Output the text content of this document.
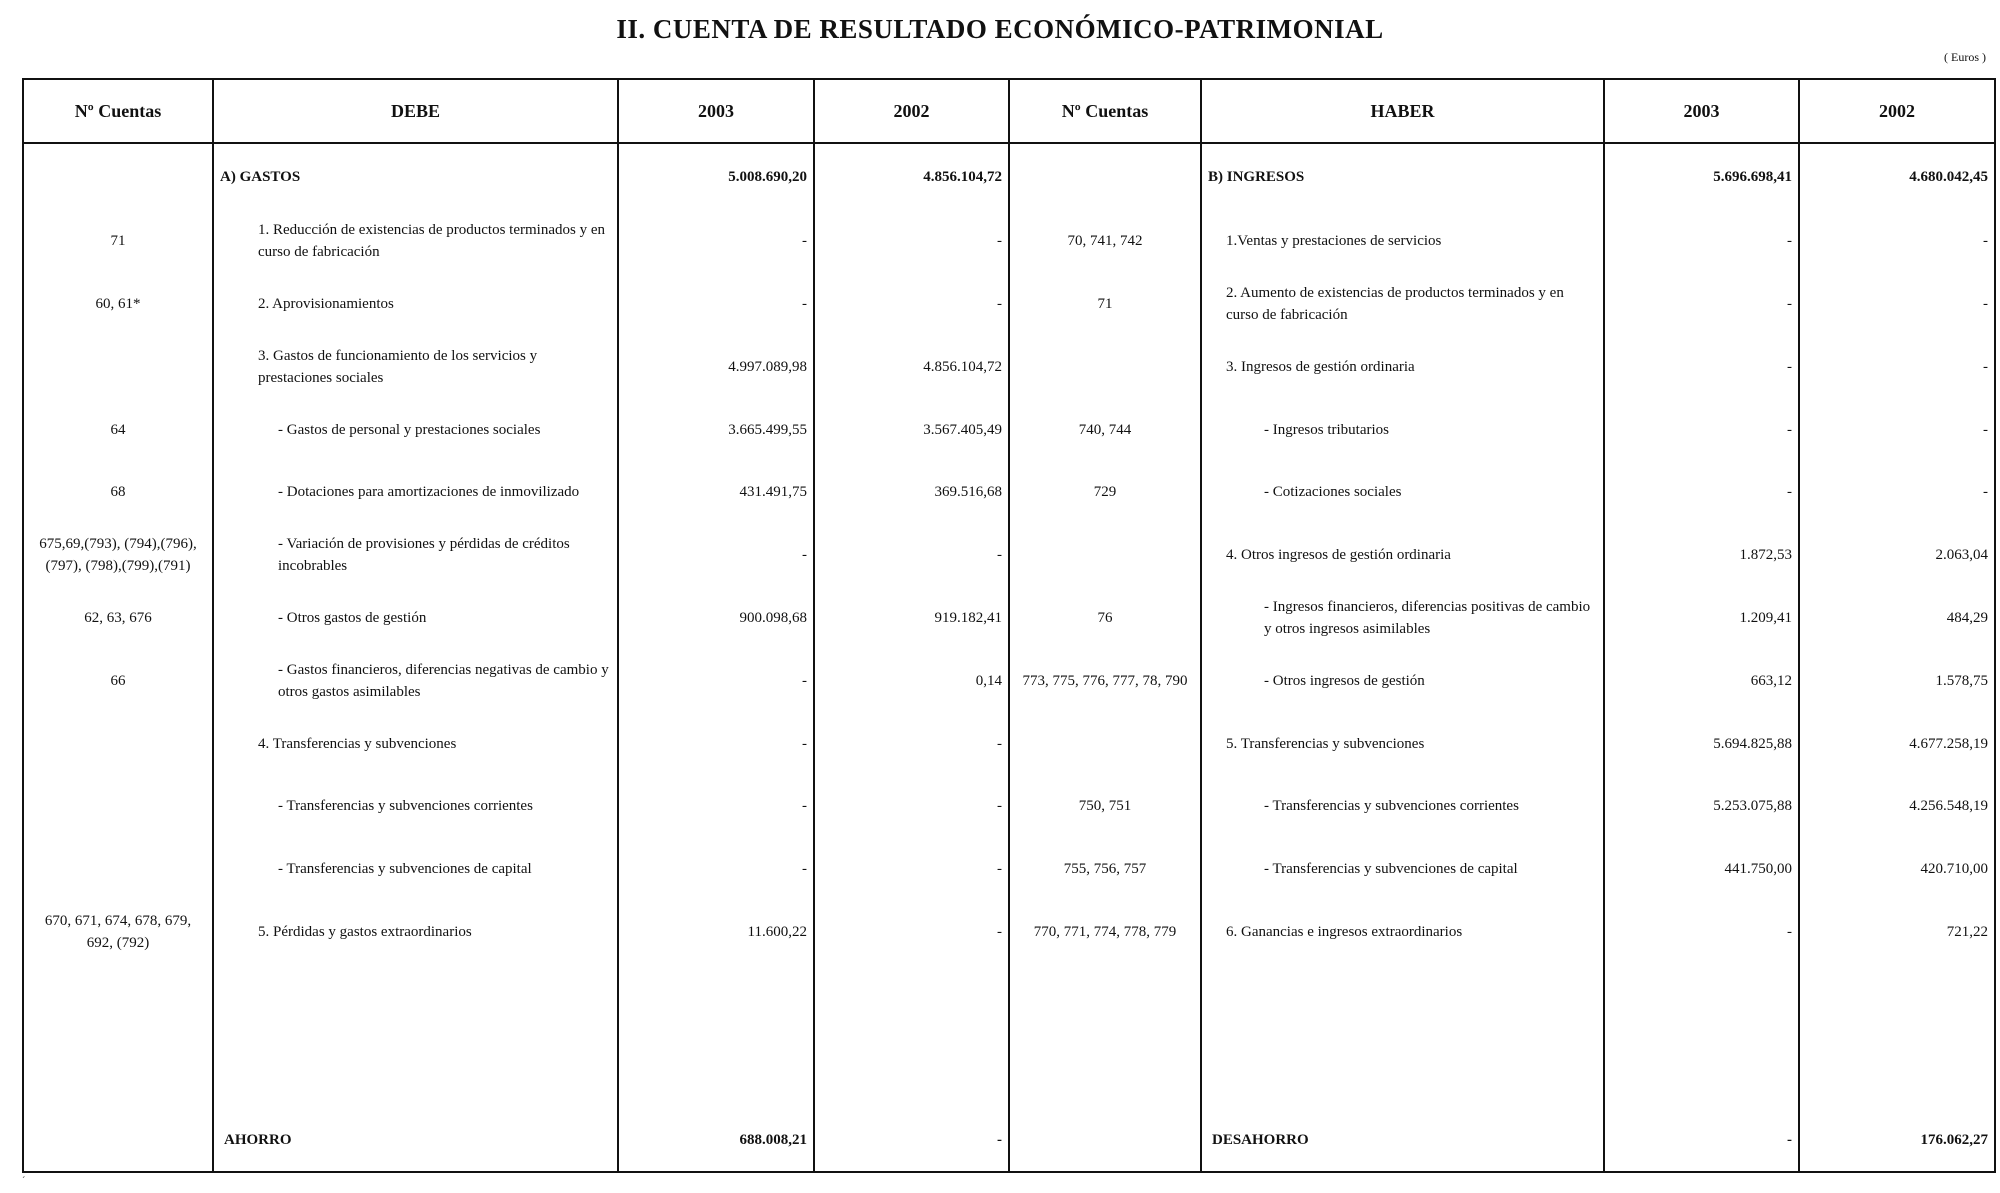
II. CUENTA DE RESULTADO ECONÓMICO-PATRIMONIAL
( Euros )
Nº Cuentas	DEBE	2003	2002	Nº Cuentas	HABER	2003	2002
	A) GASTOS	5.008.690,20	4.856.104,72		B) INGRESOS	5.696.698,41	4.680.042,45
71	1. Reducción de existencias de productos terminados y en curso de fabricación	-	-	70, 741, 742	1.Ventas y prestaciones de servicios	-	-
60, 61*	2. Aprovisionamientos	-	-	71	2. Aumento de existencias de productos terminados y en curso de fabricación	-	-
	3. Gastos de funcionamiento de los servicios y prestaciones sociales	4.997.089,98	4.856.104,72		3. Ingresos de gestión ordinaria	-	-
64	- Gastos de personal y prestaciones sociales	3.665.499,55	3.567.405,49	740, 744	- Ingresos tributarios	-	-
68	- Dotaciones para amortizaciones de inmovilizado	431.491,75	369.516,68	729	- Cotizaciones sociales	-	-
675,69,(793), (794),(796),(797), (798),(799),(791)	- Variación de provisiones y pérdidas de créditos incobrables	-	-		4. Otros ingresos de gestión ordinaria	1.872,53	2.063,04
62, 63, 676	- Otros gastos de gestión	900.098,68	919.182,41	76	- Ingresos financieros, diferencias positivas de cambio y otros ingresos asimilables	1.209,41	484,29
66	- Gastos financieros, diferencias negativas de cambio y otros gastos asimilables	-	0,14	773, 775, 776, 777, 78, 790	- Otros ingresos de gestión	663,12	1.578,75
	4. Transferencias y subvenciones	-	-		5. Transferencias y subvenciones	5.694.825,88	4.677.258,19
	- Transferencias y subvenciones corrientes	-	-	750, 751	- Transferencias y subvenciones corrientes	5.253.075,88	4.256.548,19
	- Transferencias y subvenciones de capital	-	-	755, 756, 757	- Transferencias y subvenciones de capital	441.750,00	420.710,00
670, 671, 674, 678, 679, 692, (792)	5. Pérdidas y gastos extraordinarios	11.600,22	-	770, 771, 774, 778, 779	6. Ganancias e ingresos extraordinarios	-	721,22

	AHORRO	688.008,21	-		DESAHORRO	-	176.062,27
´
